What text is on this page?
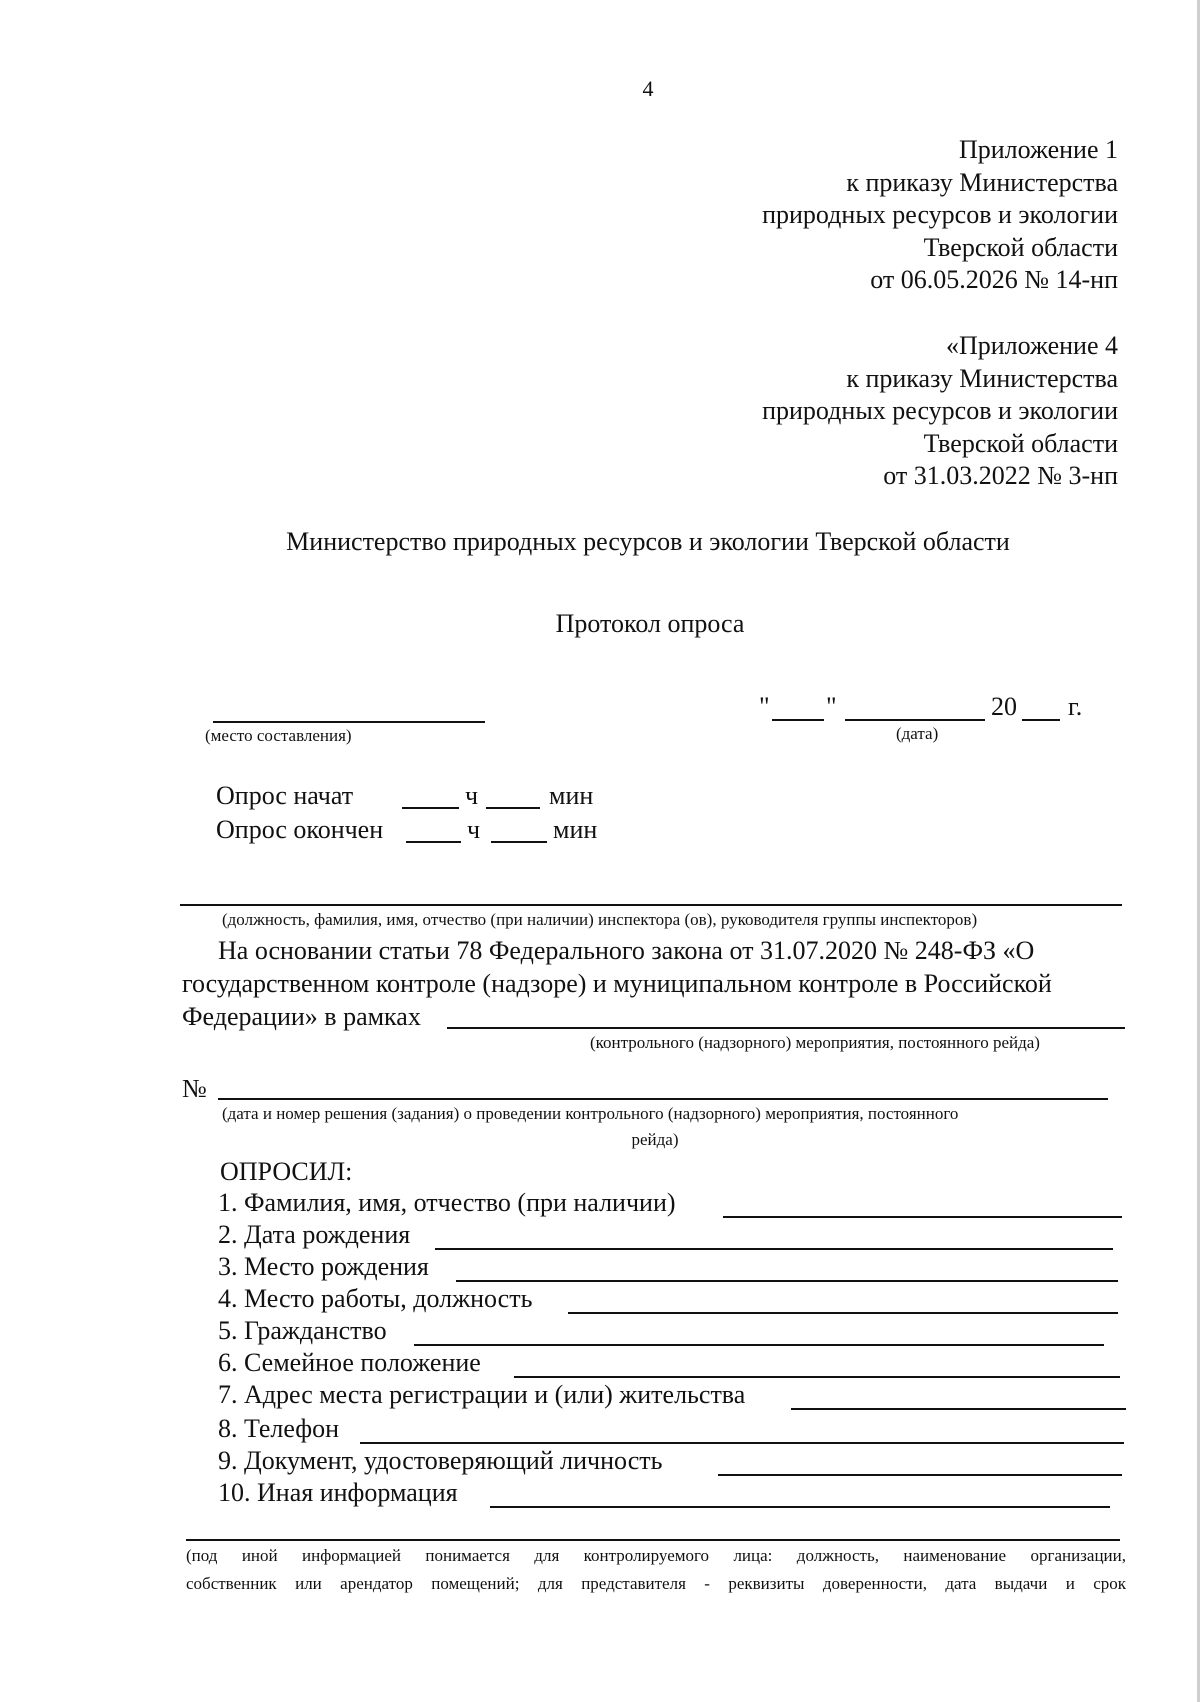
4
Приложение 1
к приказу Министерства
природных ресурсов и экологии
Тверской области
от 06.05.2026 № 14-нп
«Приложение 4
к приказу Министерства
природных ресурсов и экологии
Тверской области
от 31.03.2022 № 3-нп
Министерство природных ресурсов и экологии Тверской области
Протокол опроса
(место составления)
" "	20 г.
(дата)
Опрос начат	ч	мин
Опрос окончен	ч	мин
(должность, фамилия, имя, отчество (при наличии) инспектора (ов), руководителя группы инспекторов)
На основании статьи 78 Федерального закона от 31.07.2020 № 248-ФЗ «О
государственном контроле (надзоре) и муниципальном контроле в Российской
Федерации» в рамках
(контрольного (надзорного) мероприятия, постоянного рейда)
№
(дата и номер решения (задания) о проведении контрольного (надзорного) мероприятия, постоянного
рейда)
ОПРОСИЛ:
1. Фамилия, имя, отчество (при наличии)
2. Дата рождения
3. Место рождения
4. Место работы, должность
5. Гражданство
6. Семейное положение
7. Адрес места регистрации и (или) жительства
8. Телефон
9. Документ, удостоверяющий личность
10. Иная информация
(под иной информацией понимается для контролируемого лица: должность, наименование организации,
собственник или арендатор помещений; для представителя - реквизиты доверенности, дата выдачи и срок
